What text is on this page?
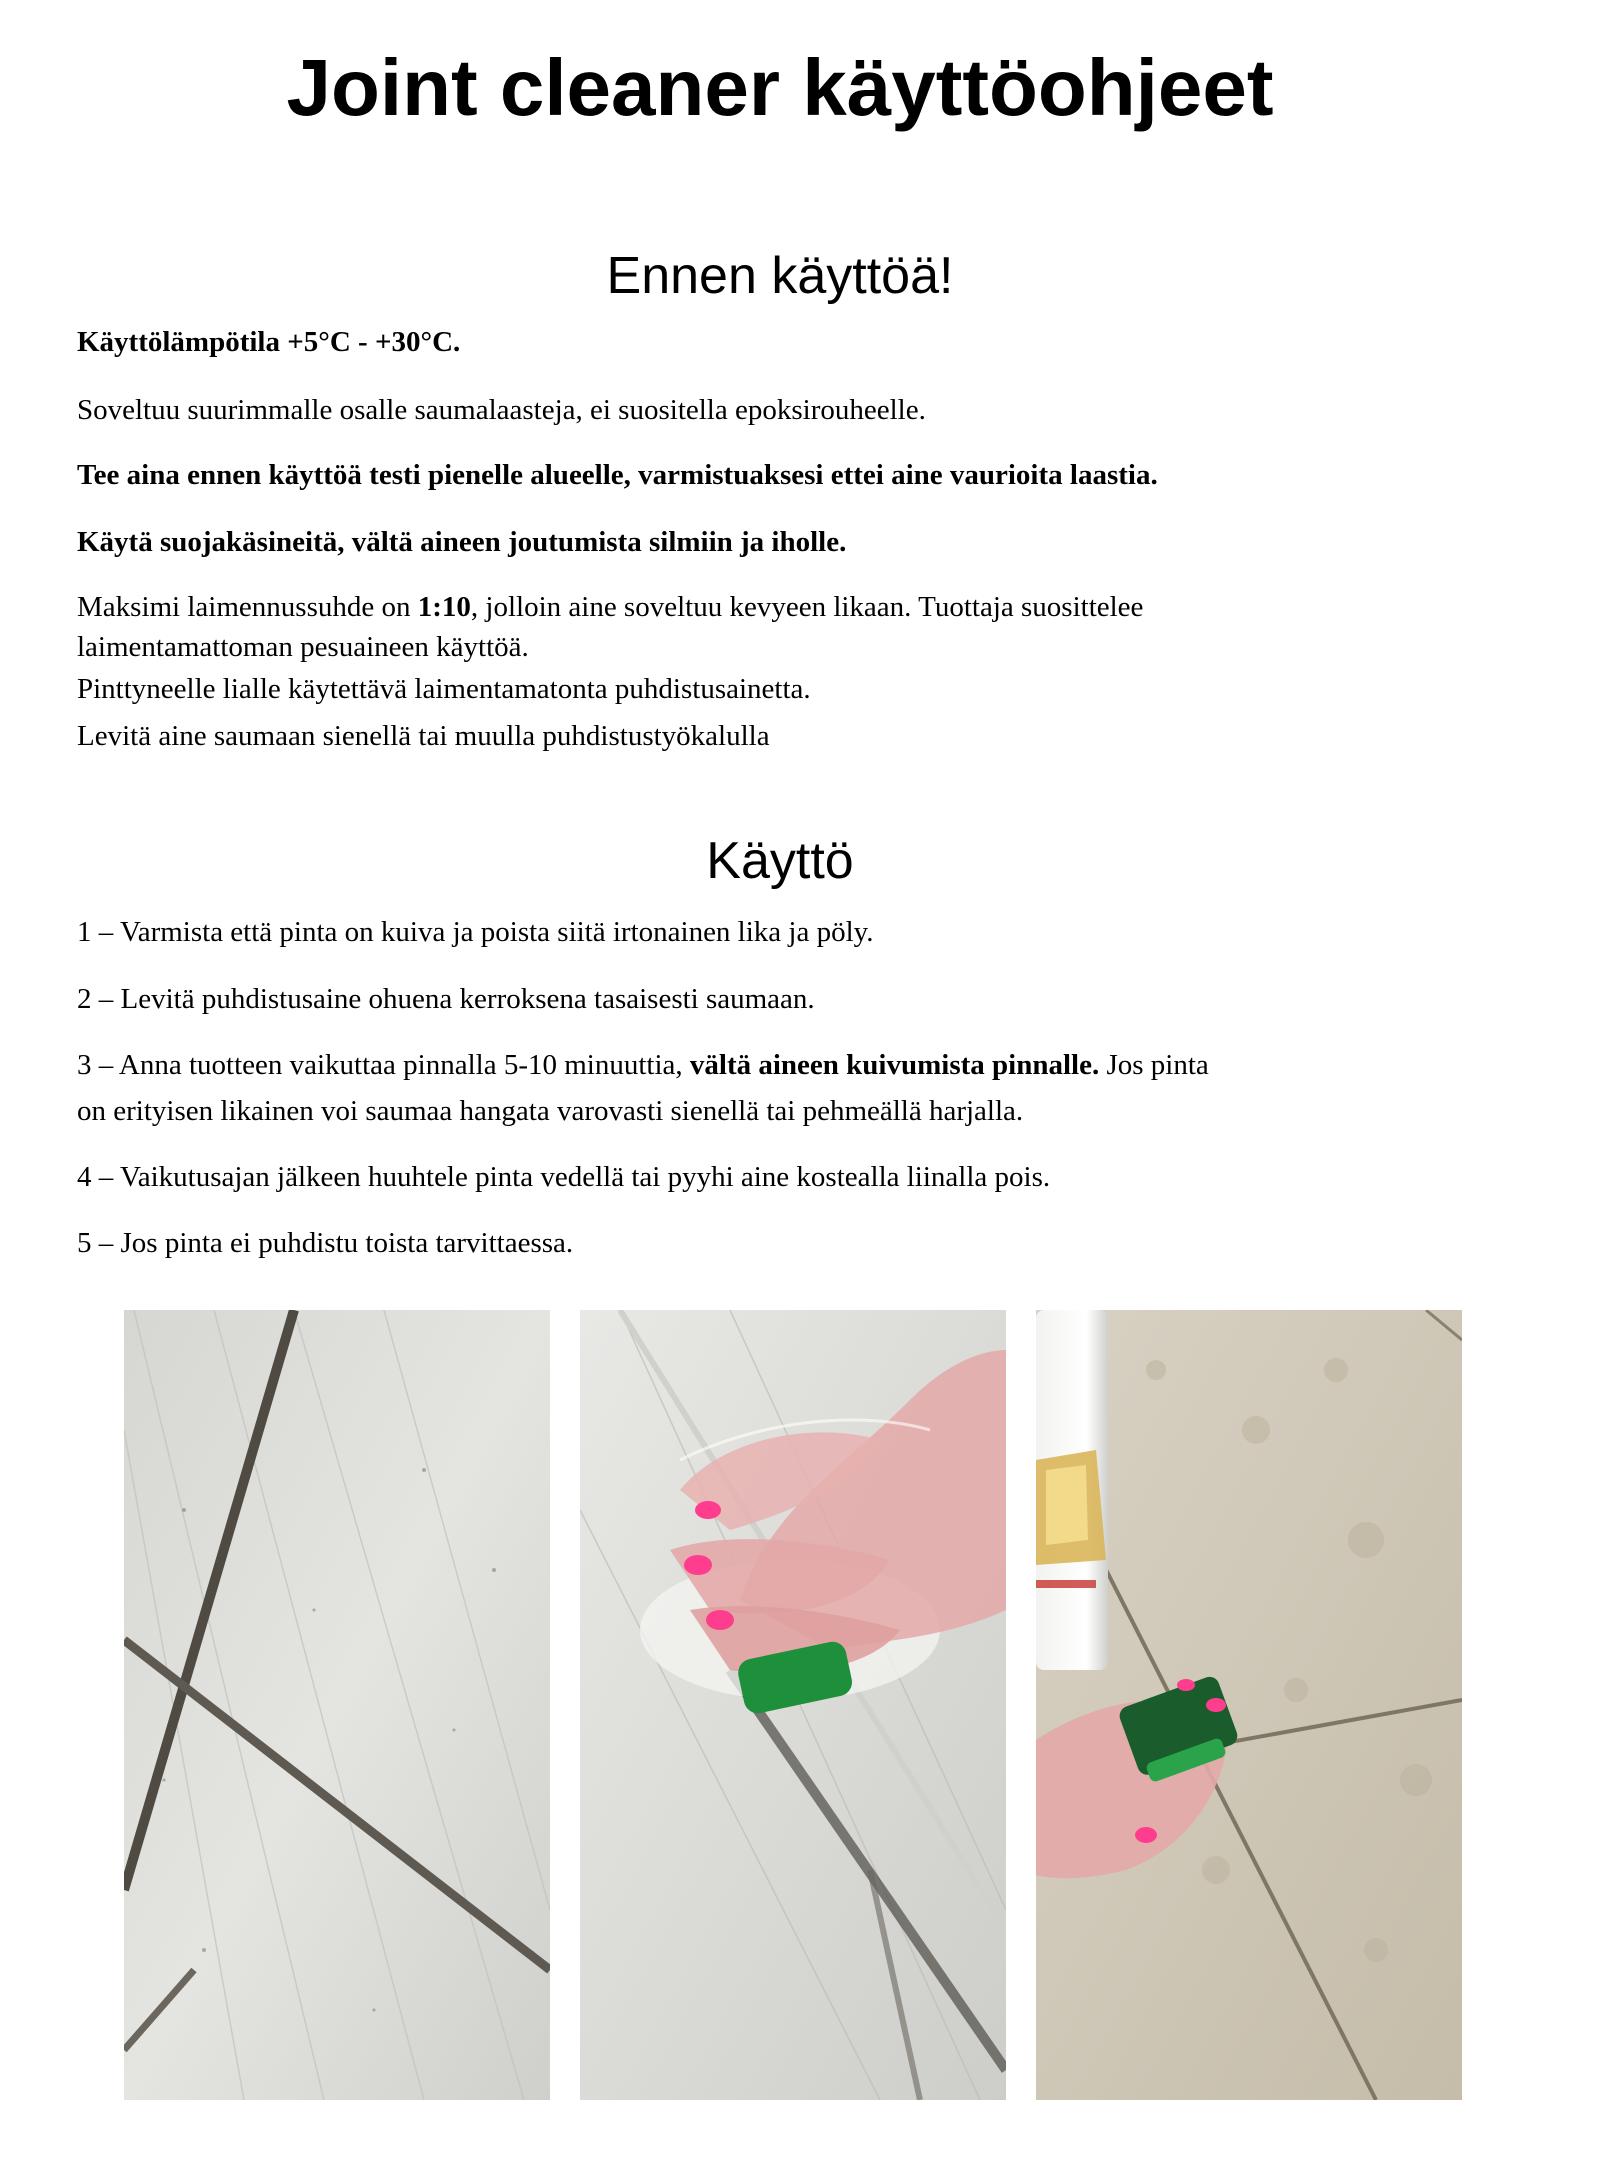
Joint cleaner käyttöohjeet
Ennen käyttöä!

Käyttölämpötila +5°C - +30°C.

Soveltuu suurimmalle osalle saumalaasteja, ei suositella epoksirouheelle.

Tee aina ennen käyttöä testi pienelle alueelle, varmistuaksesi ettei aine vaurioita laastia.

Käytä suojakäsineitä, vältä aineen joutumista silmiin ja iholle.

Maksimi laimennussuhde on 1:10, jolloin aine soveltuu kevyeen likaan. Tuottaja suosittelee

laimentamattoman pesuaineen käyttöä.

Pinttyneelle lialle käytettävä laimentamatonta puhdistusainetta.

Levitä aine saumaan sienellä tai muulla puhdistustyökalulla

Käyttö

1 – Varmista että pinta on kuiva ja poista siitä irtonainen lika ja pöly.

2 – Levitä puhdistusaine ohuena kerroksena tasaisesti saumaan.

3 – Anna tuotteen vaikuttaa pinnalla 5-10 minuuttia, vältä aineen kuivumista pinnalle. Jos pinta

on erityisen likainen voi saumaa hangata varovasti sienellä tai pehmeällä harjalla.

4 – Vaikutusajan jälkeen huuhtele pinta vedellä tai pyyhi aine kostealla liinalla pois.

5 – Jos pinta ei puhdistu toista tarvittaessa.
